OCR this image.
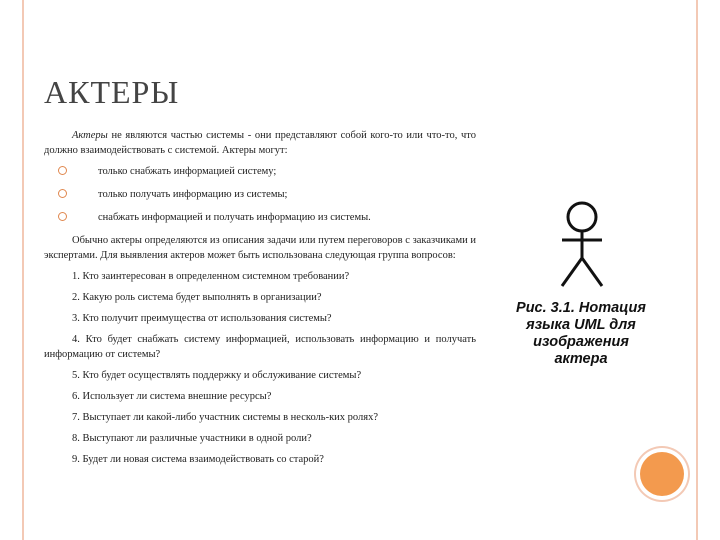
АКТЕРЫ

Актеры не являются частью системы - они представляют собой кого-то или что-то, что должно взаимодействовать с системой. Актеры могут:

только снабжать информацией систему;
только получать информацию из системы;
снабжать информацией и получать информацию из системы.

Обычно актеры определяются из описания задачи или путем переговоров с заказчиками и экспертами. Для выявления актеров может быть использована следующая группа вопросов:

1. Кто заинтересован в определенном системном требовании?

2. Какую роль система будет выполнять в организации?

3. Кто получит преимущества от использования системы?

4. Кто будет снабжать систему информацией, использовать информацию и получать информацию от системы?

5. Кто будет осуществлять поддержку и обслуживание системы?

6. Использует ли система внешние ресурсы?

7. Выступает ли какой-либо участник системы в несколь-ких ролях?

8. Выступают ли различные участники в одной роли?

9. Будет ли новая система взаимодействовать со старой?

Рис. 3.1. Нотация языка UML для изображения актера
